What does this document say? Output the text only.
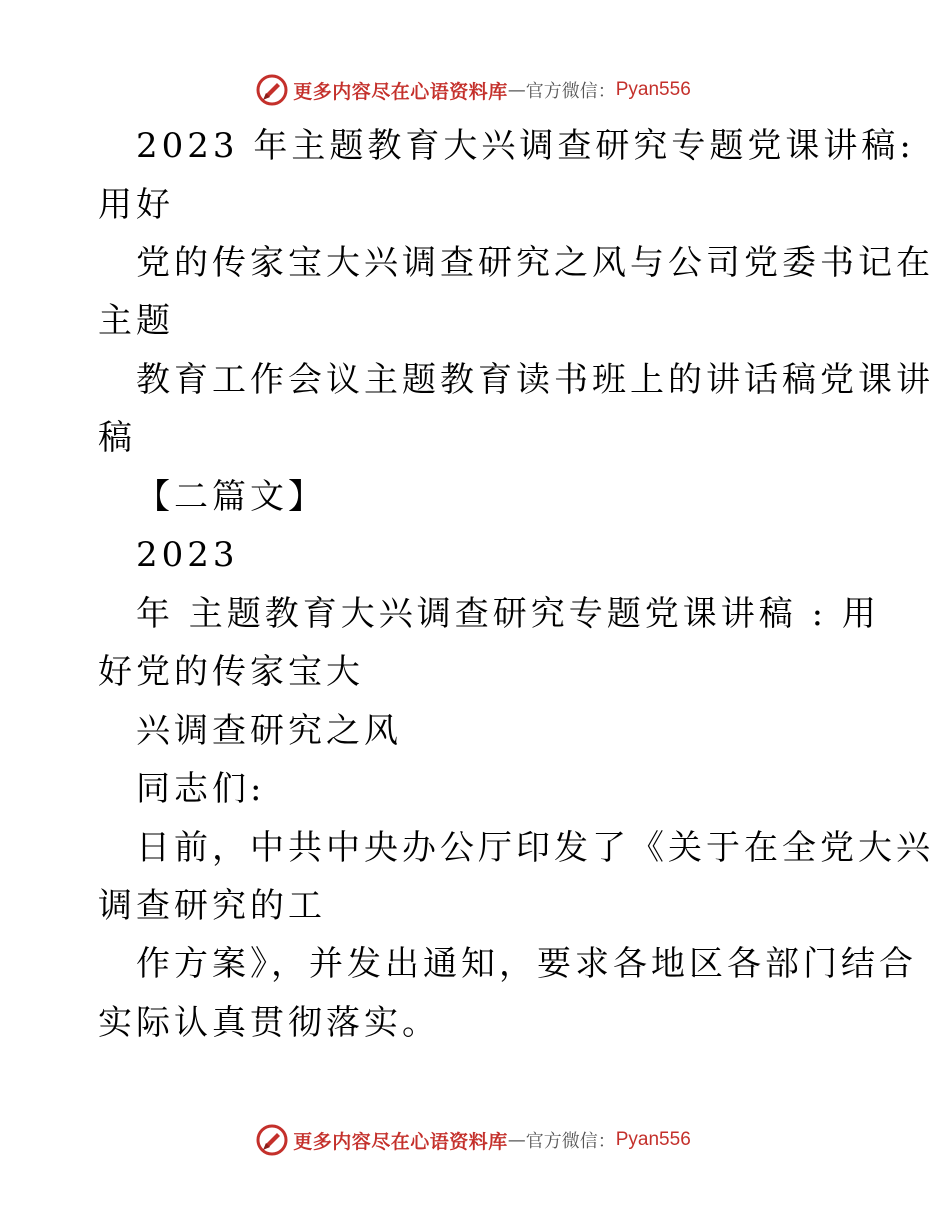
更多内容尽在心语资料库 — 官方微信： Pyan556
2023 年主题教育大兴调查研究专题党课讲稿:
用好
党的传家宝大兴调查研究之风与公司党委书记在
主题
教育工作会议主题教育读书班上的讲话稿党课讲
稿
【二篇文】
2023
年 主题教育大兴调查研究专题党课讲稿 : 用
好党的传家宝大
兴调查研究之风
同志们:
日前，中共中央办公厅印发了《关于在全党大兴
调查研究的工
作方案》，并发出通知，要求各地区各部门结合
实际认真贯彻落实。
更多内容尽在心语资料库 — 官方微信： Pyan556
